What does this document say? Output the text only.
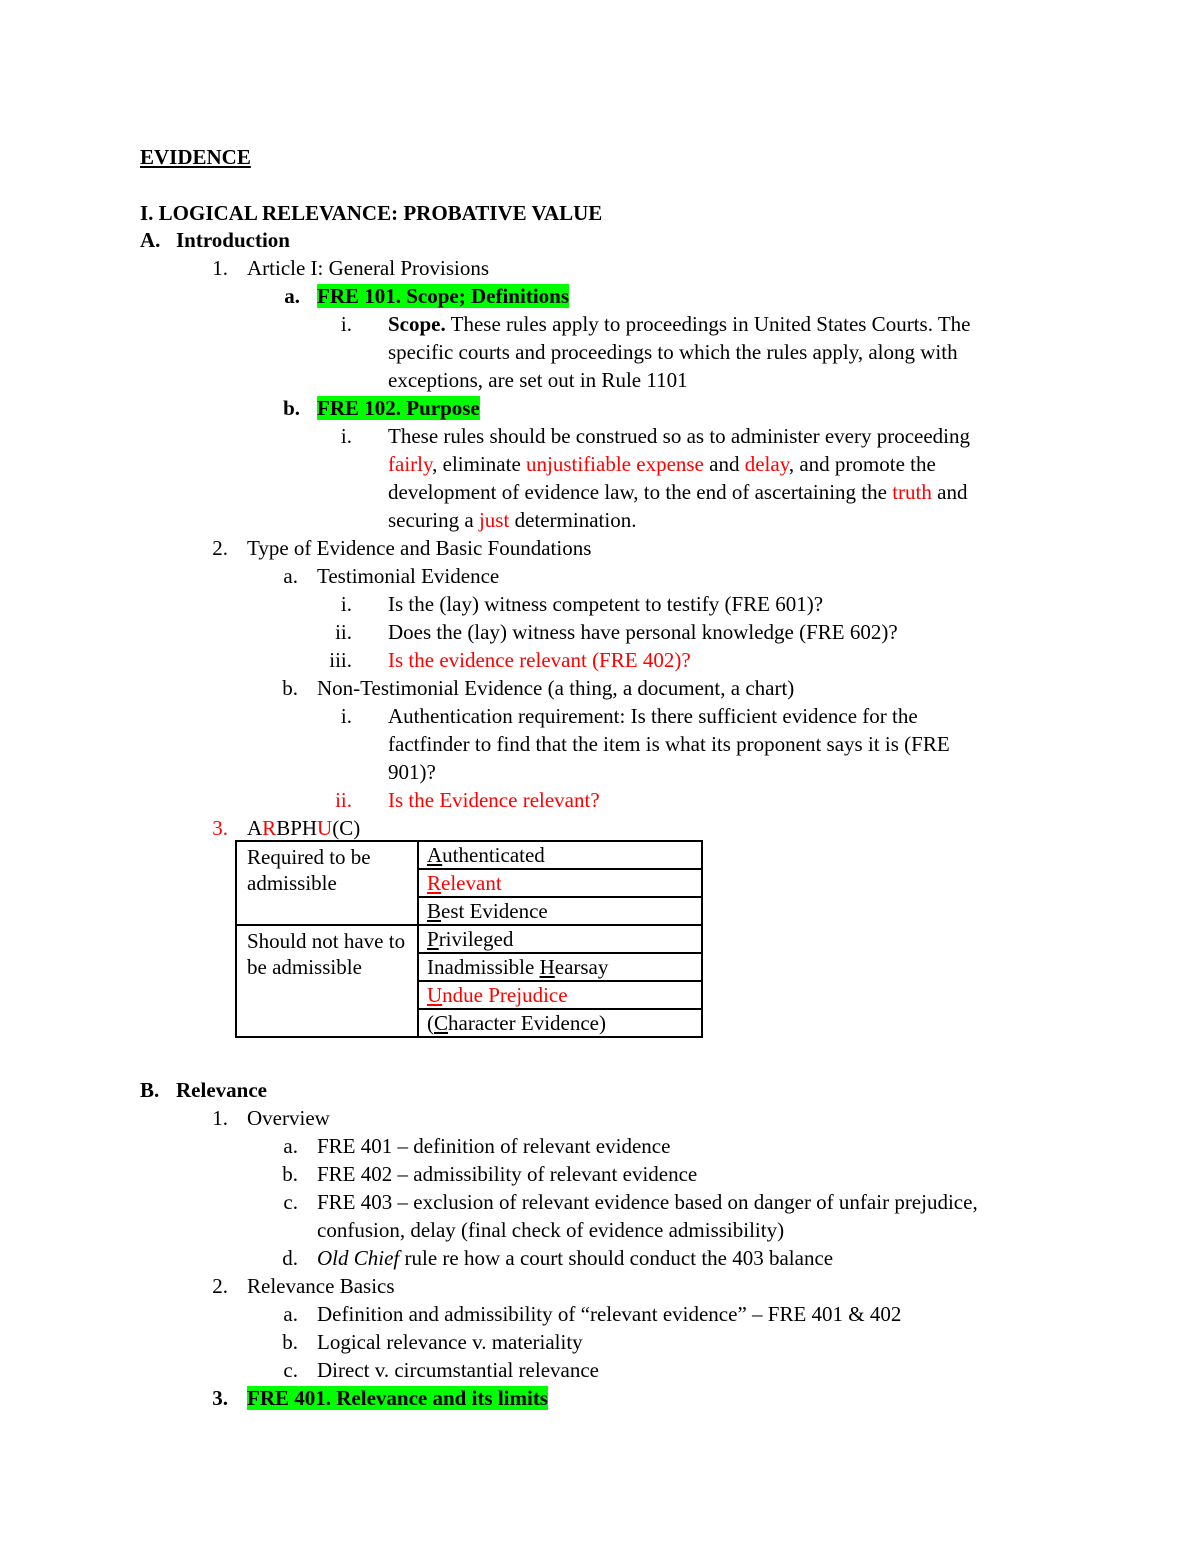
EVIDENCE
I. LOGICAL RELEVANCE: PROBATIVE VALUE
A. Introduction
1. Article I: General Provisions
a. FRE 101. Scope; Definitions
i. Scope. These rules apply to proceedings in United States Courts. The
specific courts and proceedings to which the rules apply, along with
exceptions, are set out in Rule 1101
b. FRE 102. Purpose
i. These rules should be construed so as to administer every proceeding
fairly, eliminate unjustifiable expense and delay, and promote the
development of evidence law, to the end of ascertaining the truth and
securing a just determination.
2. Type of Evidence and Basic Foundations
a. Testimonial Evidence
i. Is the (lay) witness competent to testify (FRE 601)?
ii. Does the (lay) witness have personal knowledge (FRE 602)?
iii. Is the evidence relevant (FRE 402)?
b. Non-Testimonial Evidence (a thing, a document, a chart)
i. Authentication requirement: Is there sufficient evidence for the
factfinder to find that the item is what its proponent says it is (FRE
901)?
ii. Is the Evidence relevant?
3. ARBPHU(C)
Required to be admissible	Authenticated
	Relevant
	Best Evidence
Should not have to be admissible	Privileged
	Inadmissible Hearsay
	Undue Prejudice
	(Character Evidence)
B. Relevance
1. Overview
a. FRE 401 – definition of relevant evidence
b. FRE 402 – admissibility of relevant evidence
c. FRE 403 – exclusion of relevant evidence based on danger of unfair prejudice,
confusion, delay (final check of evidence admissibility)
d. Old Chief rule re how a court should conduct the 403 balance
2. Relevance Basics
a. Definition and admissibility of “relevant evidence” – FRE 401 & 402
b. Logical relevance v. materiality
c. Direct v. circumstantial relevance
3. FRE 401. Relevance and its limits
